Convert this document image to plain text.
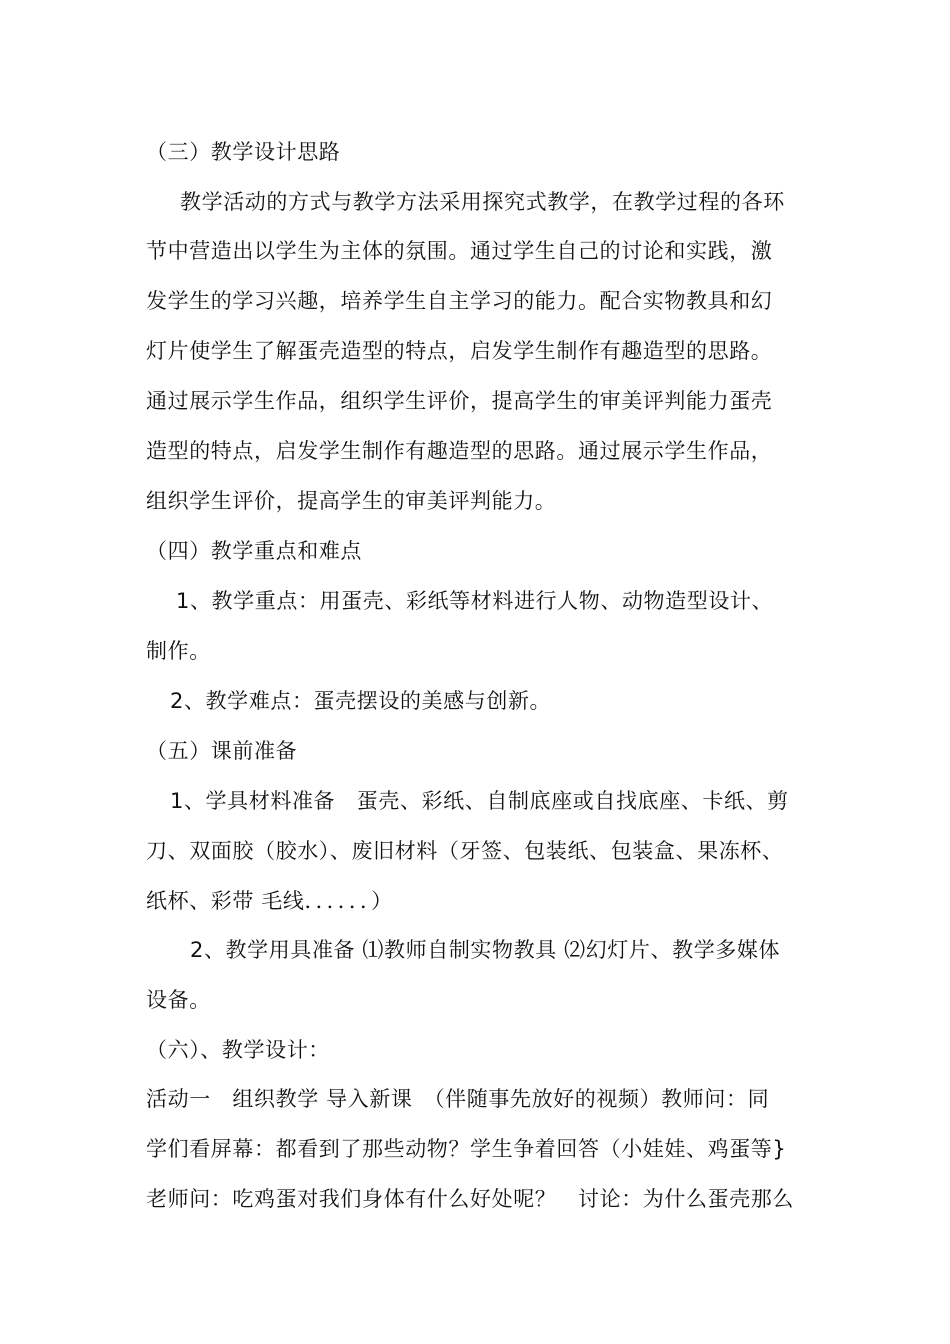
（三）教学设计思路
教学活动的方式与教学方法采用探究式教学，在教学过程的各环
节中营造出以学生为主体的氛围。通过学生自己的讨论和实践，激
发学生的学习兴趣，培养学生自主学习的能力。配合实物教具和幻
灯片使学生了解蛋壳造型的特点，启发学生制作有趣造型的思路。
通过展示学生作品，组织学生评价，提高学生的审美评判能力蛋壳
造型的特点，启发学生制作有趣造型的思路。通过展示学生作品，
组织学生评价，提高学生的审美评判能力。
（四）教学重点和难点
1、教学重点：用蛋壳、彩纸等材料进行人物、动物造型设计、
制作。
2、教学难点：蛋壳摆设的美感与创新。
（五）课前准备
1、学具材料准备　蛋壳、彩纸、自制底座或自找底座、卡纸、剪
刀、双面胶（胶水）、废旧材料（牙签、包装纸、包装盒、果冻杯、
纸杯、彩带 毛线．．．．．．）
2、教学用具准备 ⑴教师自制实物教具 ⑵幻灯片、教学多媒体
设备。
（六）、教学设计：
活动一　组织教学 导入新课　（伴随事先放好的视频）教师问：同
学们看屏幕：都看到了那些动物？学生争着回答（小娃娃、鸡蛋等}
老师问：吃鸡蛋对我们身体有什么好处呢？　讨论：为什么蛋壳那么
